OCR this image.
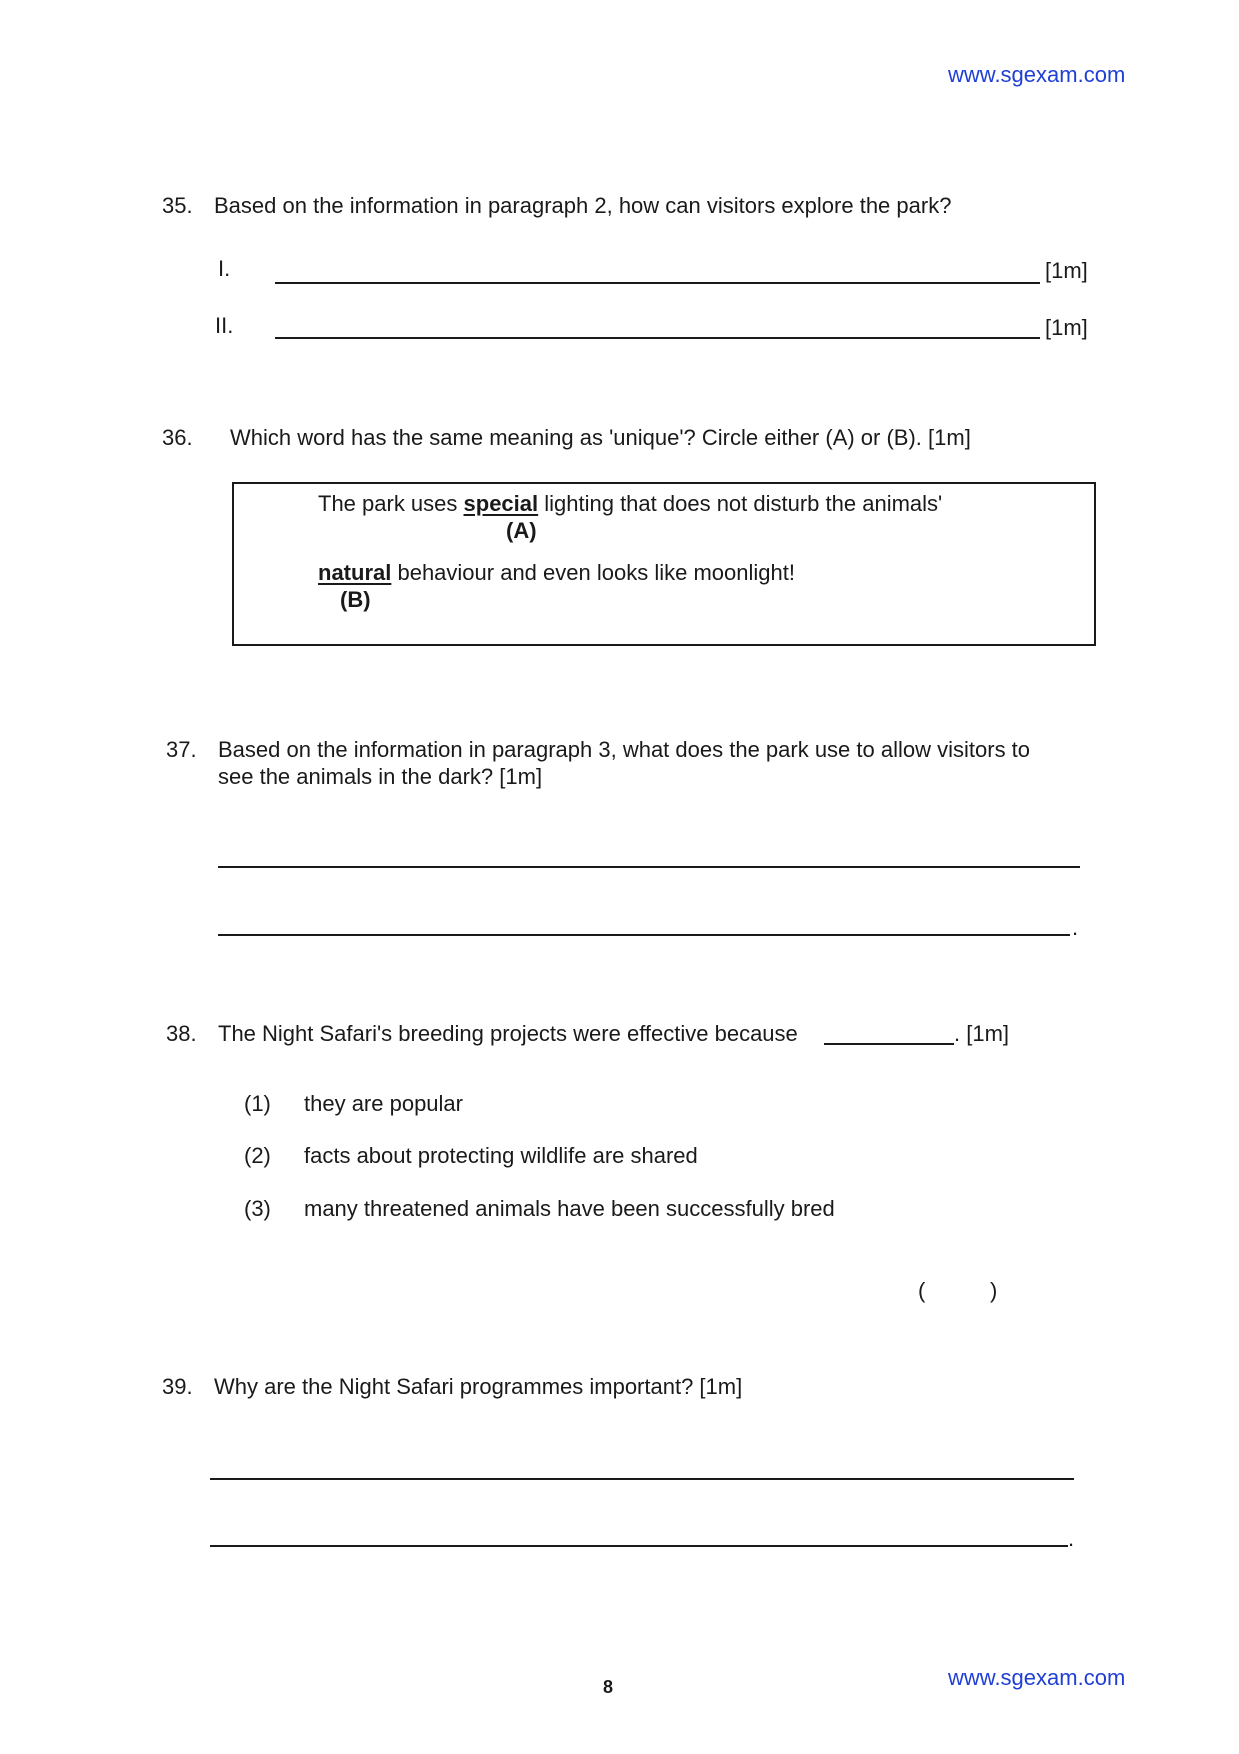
www.sgexam.com
35. Based on the information in paragraph 2, how can visitors explore the park?
I.	[1m]
II.	[1m]
36. Which word has the same meaning as 'unique'? Circle either (A) or (B). [1m]
The park uses special lighting that does not disturb the animals'
(A)
natural behaviour and even looks like moonlight!
(B)
37. Based on the information in paragraph 3, what does the park use to allow visitors to
see the animals in the dark? [1m]
.
38. The Night Safari's breeding projects were effective because	. [1m]
(1) they are popular
(2) facts about protecting wildlife are shared
(3) many threatened animals have been successfully bred
(	)
39. Why are the Night Safari programmes important? [1m]
.
8	www.sgexam.com
